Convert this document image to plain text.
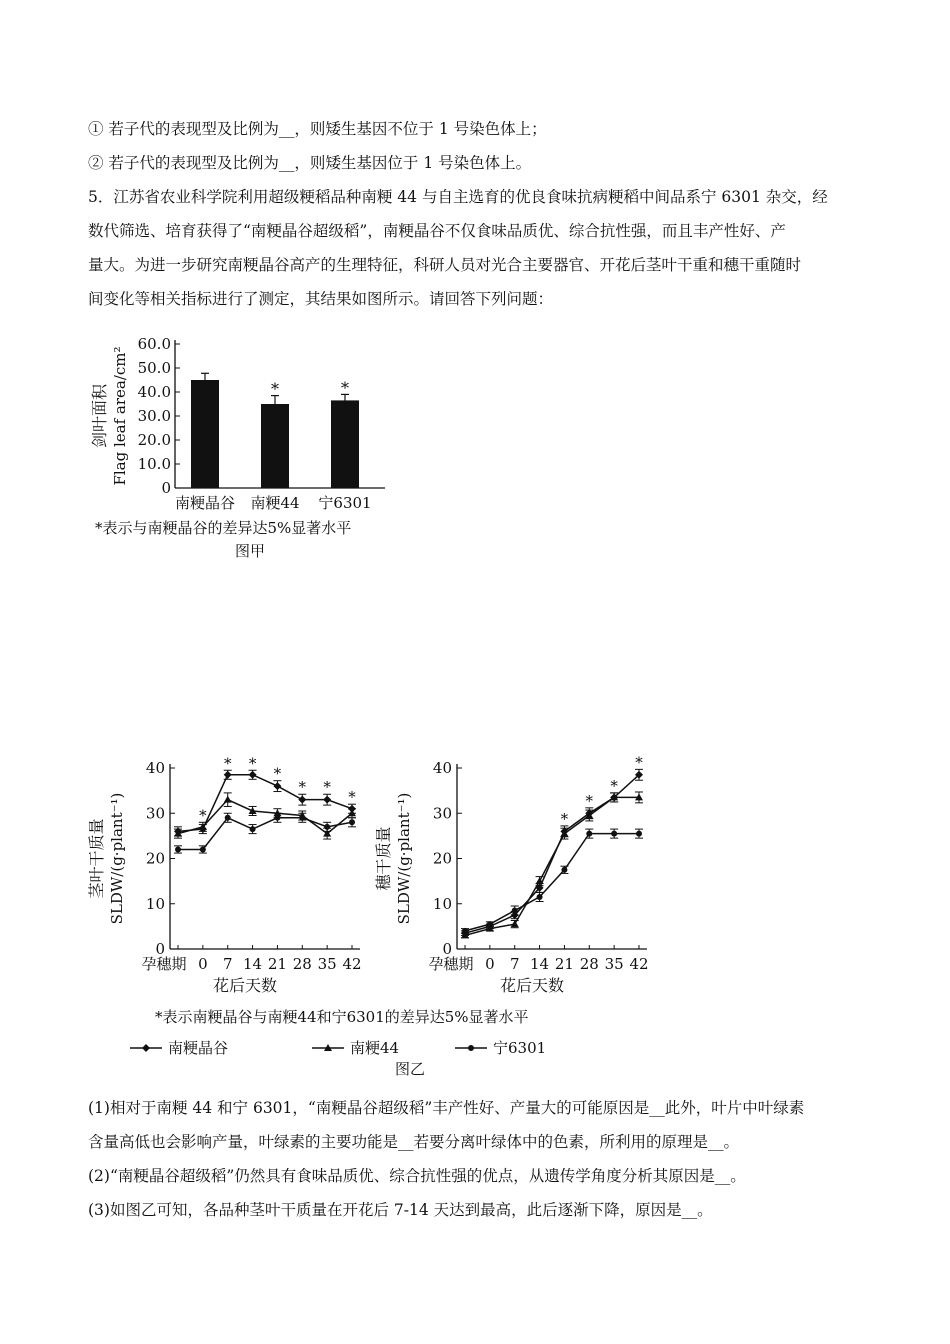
① 若子代的表现型及比例为__，则矮生基因不位于 1 号染色体上；
② 若子代的表现型及比例为__，则矮生基因位于 1 号染色体上。
5．江苏省农业科学院利用超级粳稻品种南粳 44 与自主选育的优良食味抗病粳稻中间品系宁 6301 杂交，经
数代筛选、培育获得了“南粳晶谷超级稻”，南粳晶谷不仅食味品质优、综合抗性强，而且丰产性好、产
量大。为进一步研究南粳晶谷高产的生理特征，科研人员对光合主要器官、开花后茎叶干重和穗干重随时
间变化等相关指标进行了测定，其结果如图所示。请回答下列问题：
0
10.0
20.0
30.0
40.0
50.0
60.0
南粳晶谷
*
南粳44
*
宁6301
剑叶面积 Flag leaf area/cm²
*表示与南粳晶谷的差异达5%显著水平
图甲
0
10
20
30
40
孕穗期 0 7 14 21 28 35 42
花后天数
茎叶干质量 SLDW/(g·plant⁻¹)	*
* *
*
* *
*
0
10
20
30
40
孕穗期 0 7 14 21 28 35 42
花后天数
穗干质量 SLDW/(g·plant⁻¹)	*
*
*
*
*表示南粳晶谷与南粳44和宁6301的差异达5%显著水平
南粳晶谷	南粳44	宁6301
图乙
(1)相对于南粳 44 和宁 6301，“南粳晶谷超级稻”丰产性好、产量大的可能原因是__此外，叶片中叶绿素
含量高低也会影响产量，叶绿素的主要功能是__若要分离叶绿体中的色素，所利用的原理是__。
(2)“南粳晶谷超级稻”仍然具有食味品质优、综合抗性强的优点，从遗传学角度分析其原因是__。
(3)如图乙可知，各品种茎叶干质量在开花后 7-14 天达到最高，此后逐渐下降，原因是__。
